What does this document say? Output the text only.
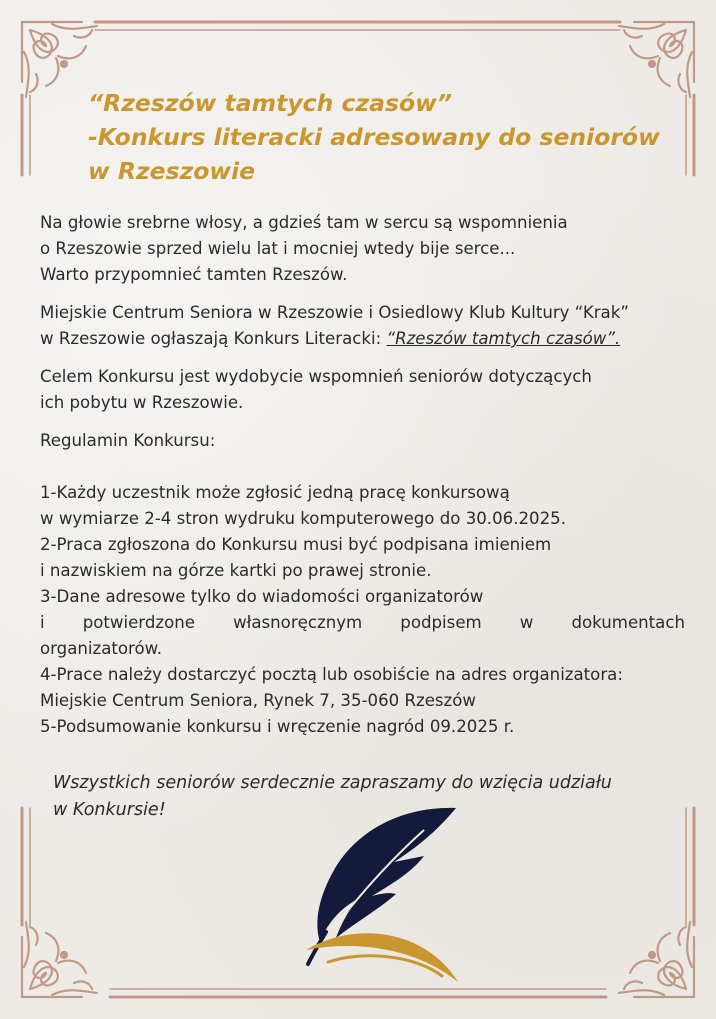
“Rzeszów tamtych czasów”
-Konkurs literacki adresowany do seniorów
w Rzeszowie

Na głowie srebrne włosy, a gdzieś tam w sercu są wspomnienia
o Rzeszowie sprzed wielu lat i mocniej wtedy bije serce...
Warto przypomnieć tamten Rzeszów.

Miejskie Centrum Seniora w Rzeszowie i Osiedlowy Klub Kultury “Krak”
w Rzeszowie ogłaszają Konkurs Literacki: “Rzeszów tamtych czasów”.

Celem Konkursu jest wydobycie wspomnień seniorów dotyczących
ich pobytu w Rzeszowie.

Regulamin Konkursu:

1-Każdy uczestnik może zgłosić jedną pracę konkursową

w wymiarze 2-4 stron wydruku komputerowego do 30.06.2025.

2-Praca zgłoszona do Konkursu musi być podpisana imieniem

i nazwiskiem na górze kartki po prawej stronie.

3-Dane adresowe tylko do wiadomości organizatorów

i potwierdzone własnoręcznym podpisem w dokumentach

organizatorów.

4-Prace należy dostarczyć pocztą lub osobiście na adres organizatora:

Miejskie Centrum Seniora, Rynek 7, 35-060 Rzeszów

5-Podsumowanie konkursu i wręczenie nagród 09.2025 r.

Wszystkich seniorów serdecznie zapraszamy do wzięcia udziału
w Konkursie!
